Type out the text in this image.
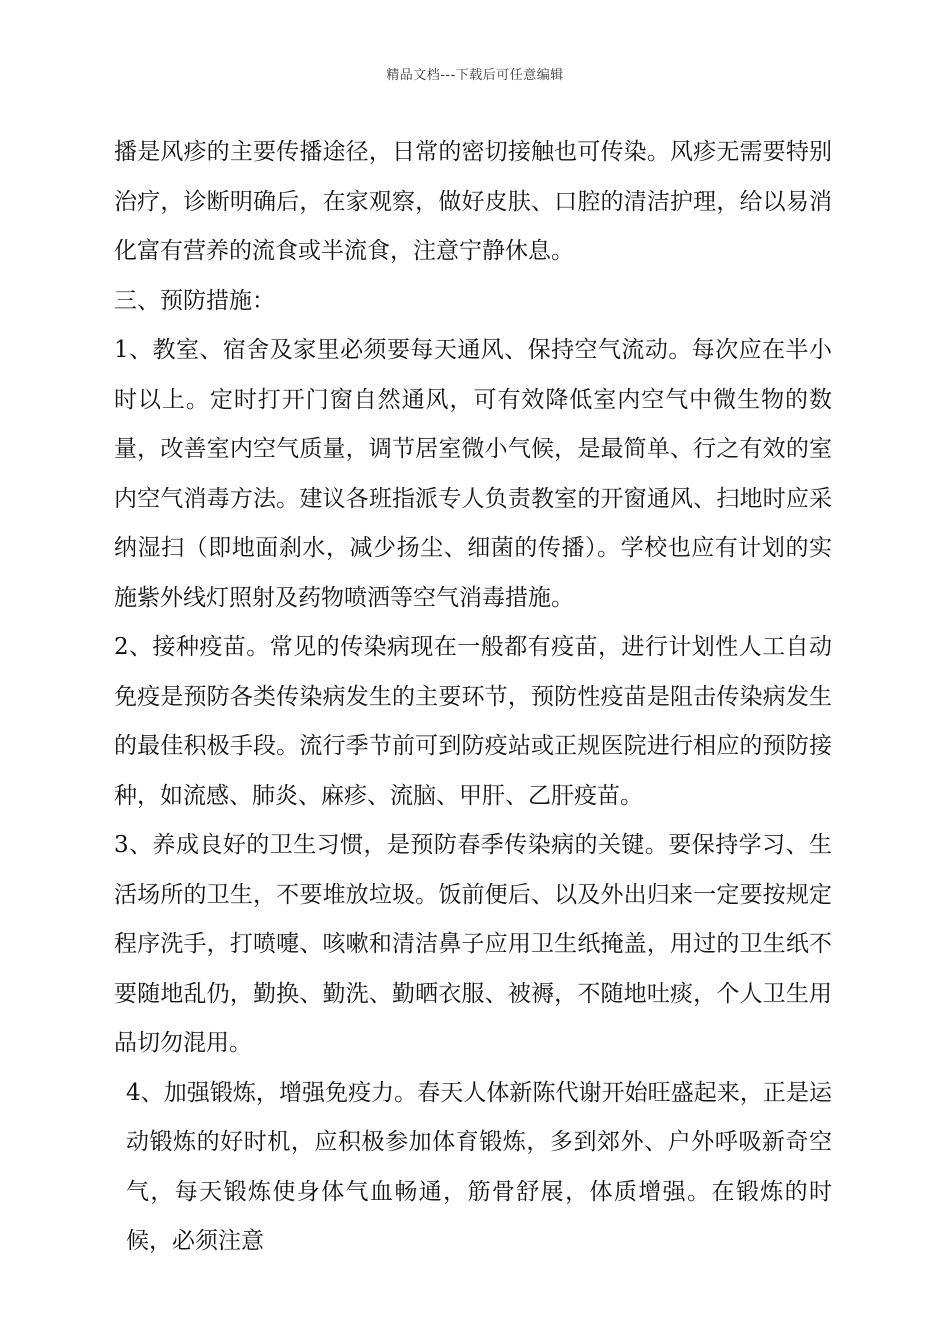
精品文档---下载后可任意编辑

播是风疹的主要传播途径，日常的密切接触也可传染。风疹无需要特别治疗，诊断明确后，在家观察，做好皮肤、口腔的清洁护理，给以易消化富有营养的流食或半流食，注意宁静休息。

三、预防措施：

1、教室、宿舍及家里必须要每天通风、保持空气流动。每次应在半小时以上。定时打开门窗自然通风，可有效降低室内空气中微生物的数量，改善室内空气质量，调节居室微小气候，是最简单、行之有效的室内空气消毒方法。建议各班指派专人负责教室的开窗通风、扫地时应采纳湿扫（即地面刹水，减少扬尘、细菌的传播）。学校也应有计划的实施紫外线灯照射及药物喷洒等空气消毒措施。

2、接种疫苗。常见的传染病现在一般都有疫苗，进行计划性人工自动免疫是预防各类传染病发生的主要环节，预防性疫苗是阻击传染病发生的最佳积极手段。流行季节前可到防疫站或正规医院进行相应的预防接种，如流感、肺炎、麻疹、流脑、甲肝、乙肝疫苗。

3、养成良好的卫生习惯，是预防春季传染病的关键。要保持学习、生活场所的卫生，不要堆放垃圾。饭前便后、以及外出归来一定要按规定程序洗手，打喷嚏、咳嗽和清洁鼻子应用卫生纸掩盖，用过的卫生纸不要随地乱仍，勤换、勤洗、勤晒衣服、被褥，不随地吐痰，个人卫生用品切勿混用。

4、加强锻炼，增强免疫力。春天人体新陈代谢开始旺盛起来，正是运动锻炼的好时机，应积极参加体育锻炼，多到郊外、户外呼吸新奇空气，每天锻炼使身体气血畅通，筋骨舒展，体质增强。在锻炼的时候，必须注意
